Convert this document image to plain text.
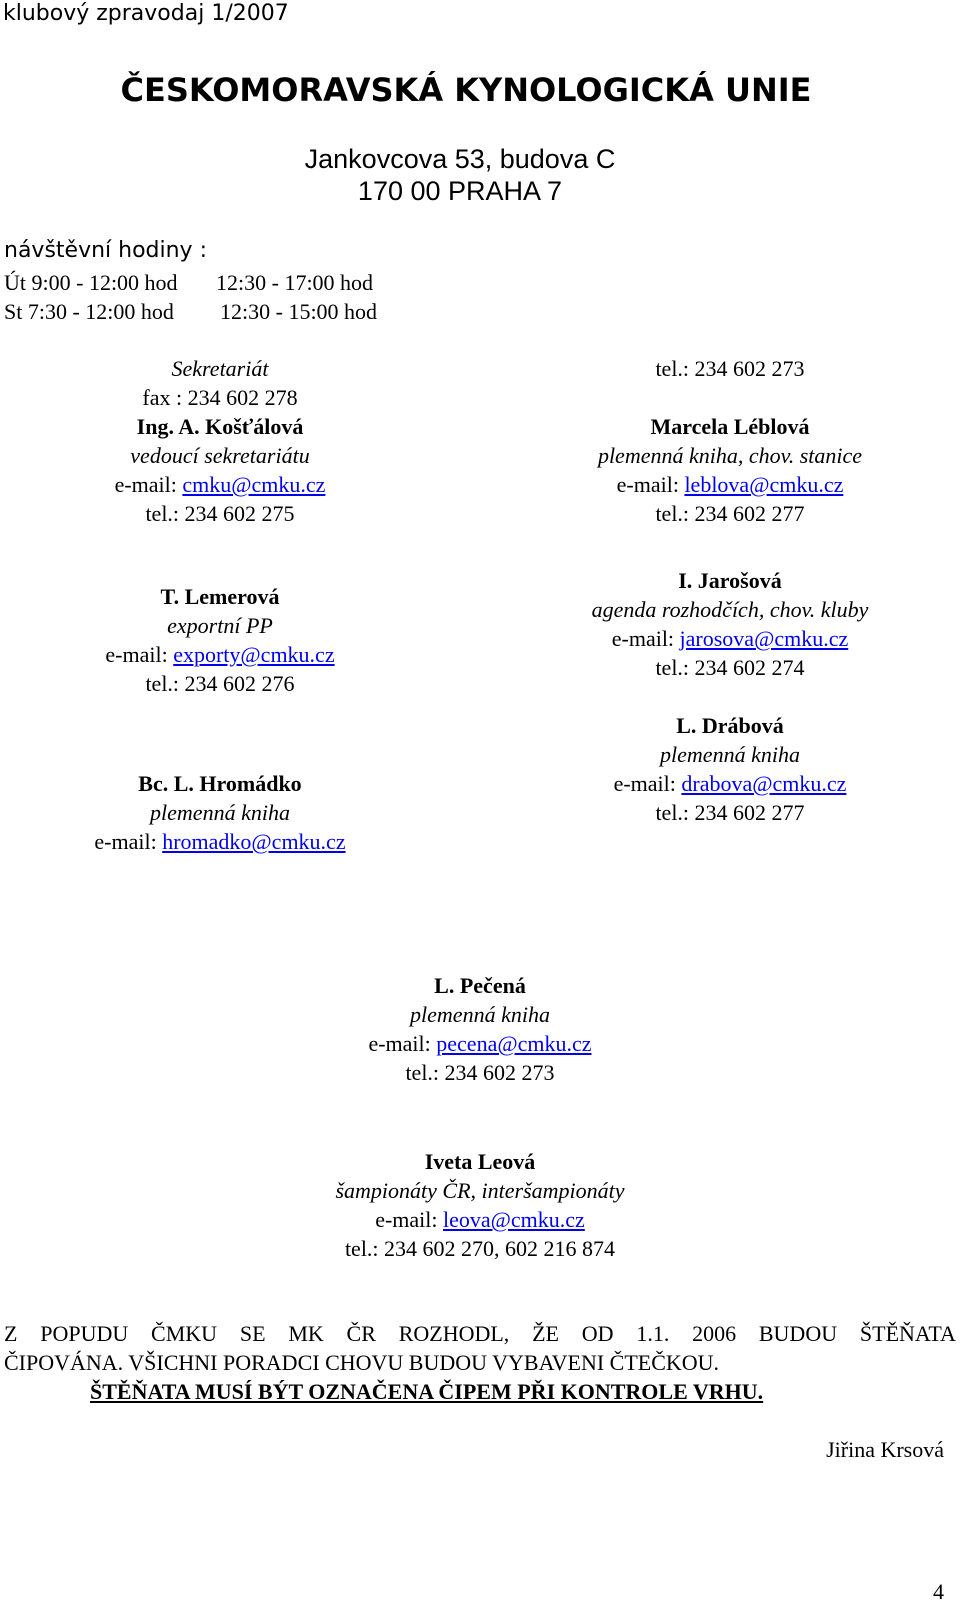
klubový zpravodaj 1/2007
ČESKOMORAVSKÁ KYNOLOGICKÁ UNIE
Jankovcova 53, budova C
170 00 PRAHA 7
návštěvní hodiny :
Út 9:00 - 12:00 hod 12:30 - 17:00 hod
St 7:30 - 12:00 hod 12:30 - 15:00 hod
Sekretariát
fax : 234 602 278
Ing. A. Košťálová
vedoucí sekretariátu
e-mail: cmku@cmku.cz
tel.: 234 602 275
T. Lemerová
exportní PP
e-mail: exporty@cmku.cz
tel.: 234 602 276
Bc. L. Hromádko
plemenná kniha
e-mail: hromadko@cmku.cz
tel.: 234 602 273
Marcela Léblová
plemenná kniha, chov. stanice
e-mail: leblova@cmku.cz
tel.: 234 602 277
I. Jarošová
agenda rozhodčích, chov. kluby
e-mail: jarosova@cmku.cz
tel.: 234 602 274
L. Drábová
plemenná kniha
e-mail: drabova@cmku.cz
tel.: 234 602 277
L. Pečená
plemenná kniha
e-mail: pecena@cmku.cz
tel.: 234 602 273
Iveta Leová
šampionáty ČR, interšampionáty
e-mail: leova@cmku.cz
tel.: 234 602 270, 602 216 874
Z POPUDU ČMKU SE MK ČR ROZHODL, ŽE OD 1.1. 2006 BUDOU ŠTĚŇATA
ČIPOVÁNA. VŠICHNI PORADCI CHOVU BUDOU VYBAVENI ČTEČKOU.
ŠTĚŇATA MUSÍ BÝT OZNAČENA ČIPEM PŘI KONTROLE VRHU.
Jiřina Krsová
4
